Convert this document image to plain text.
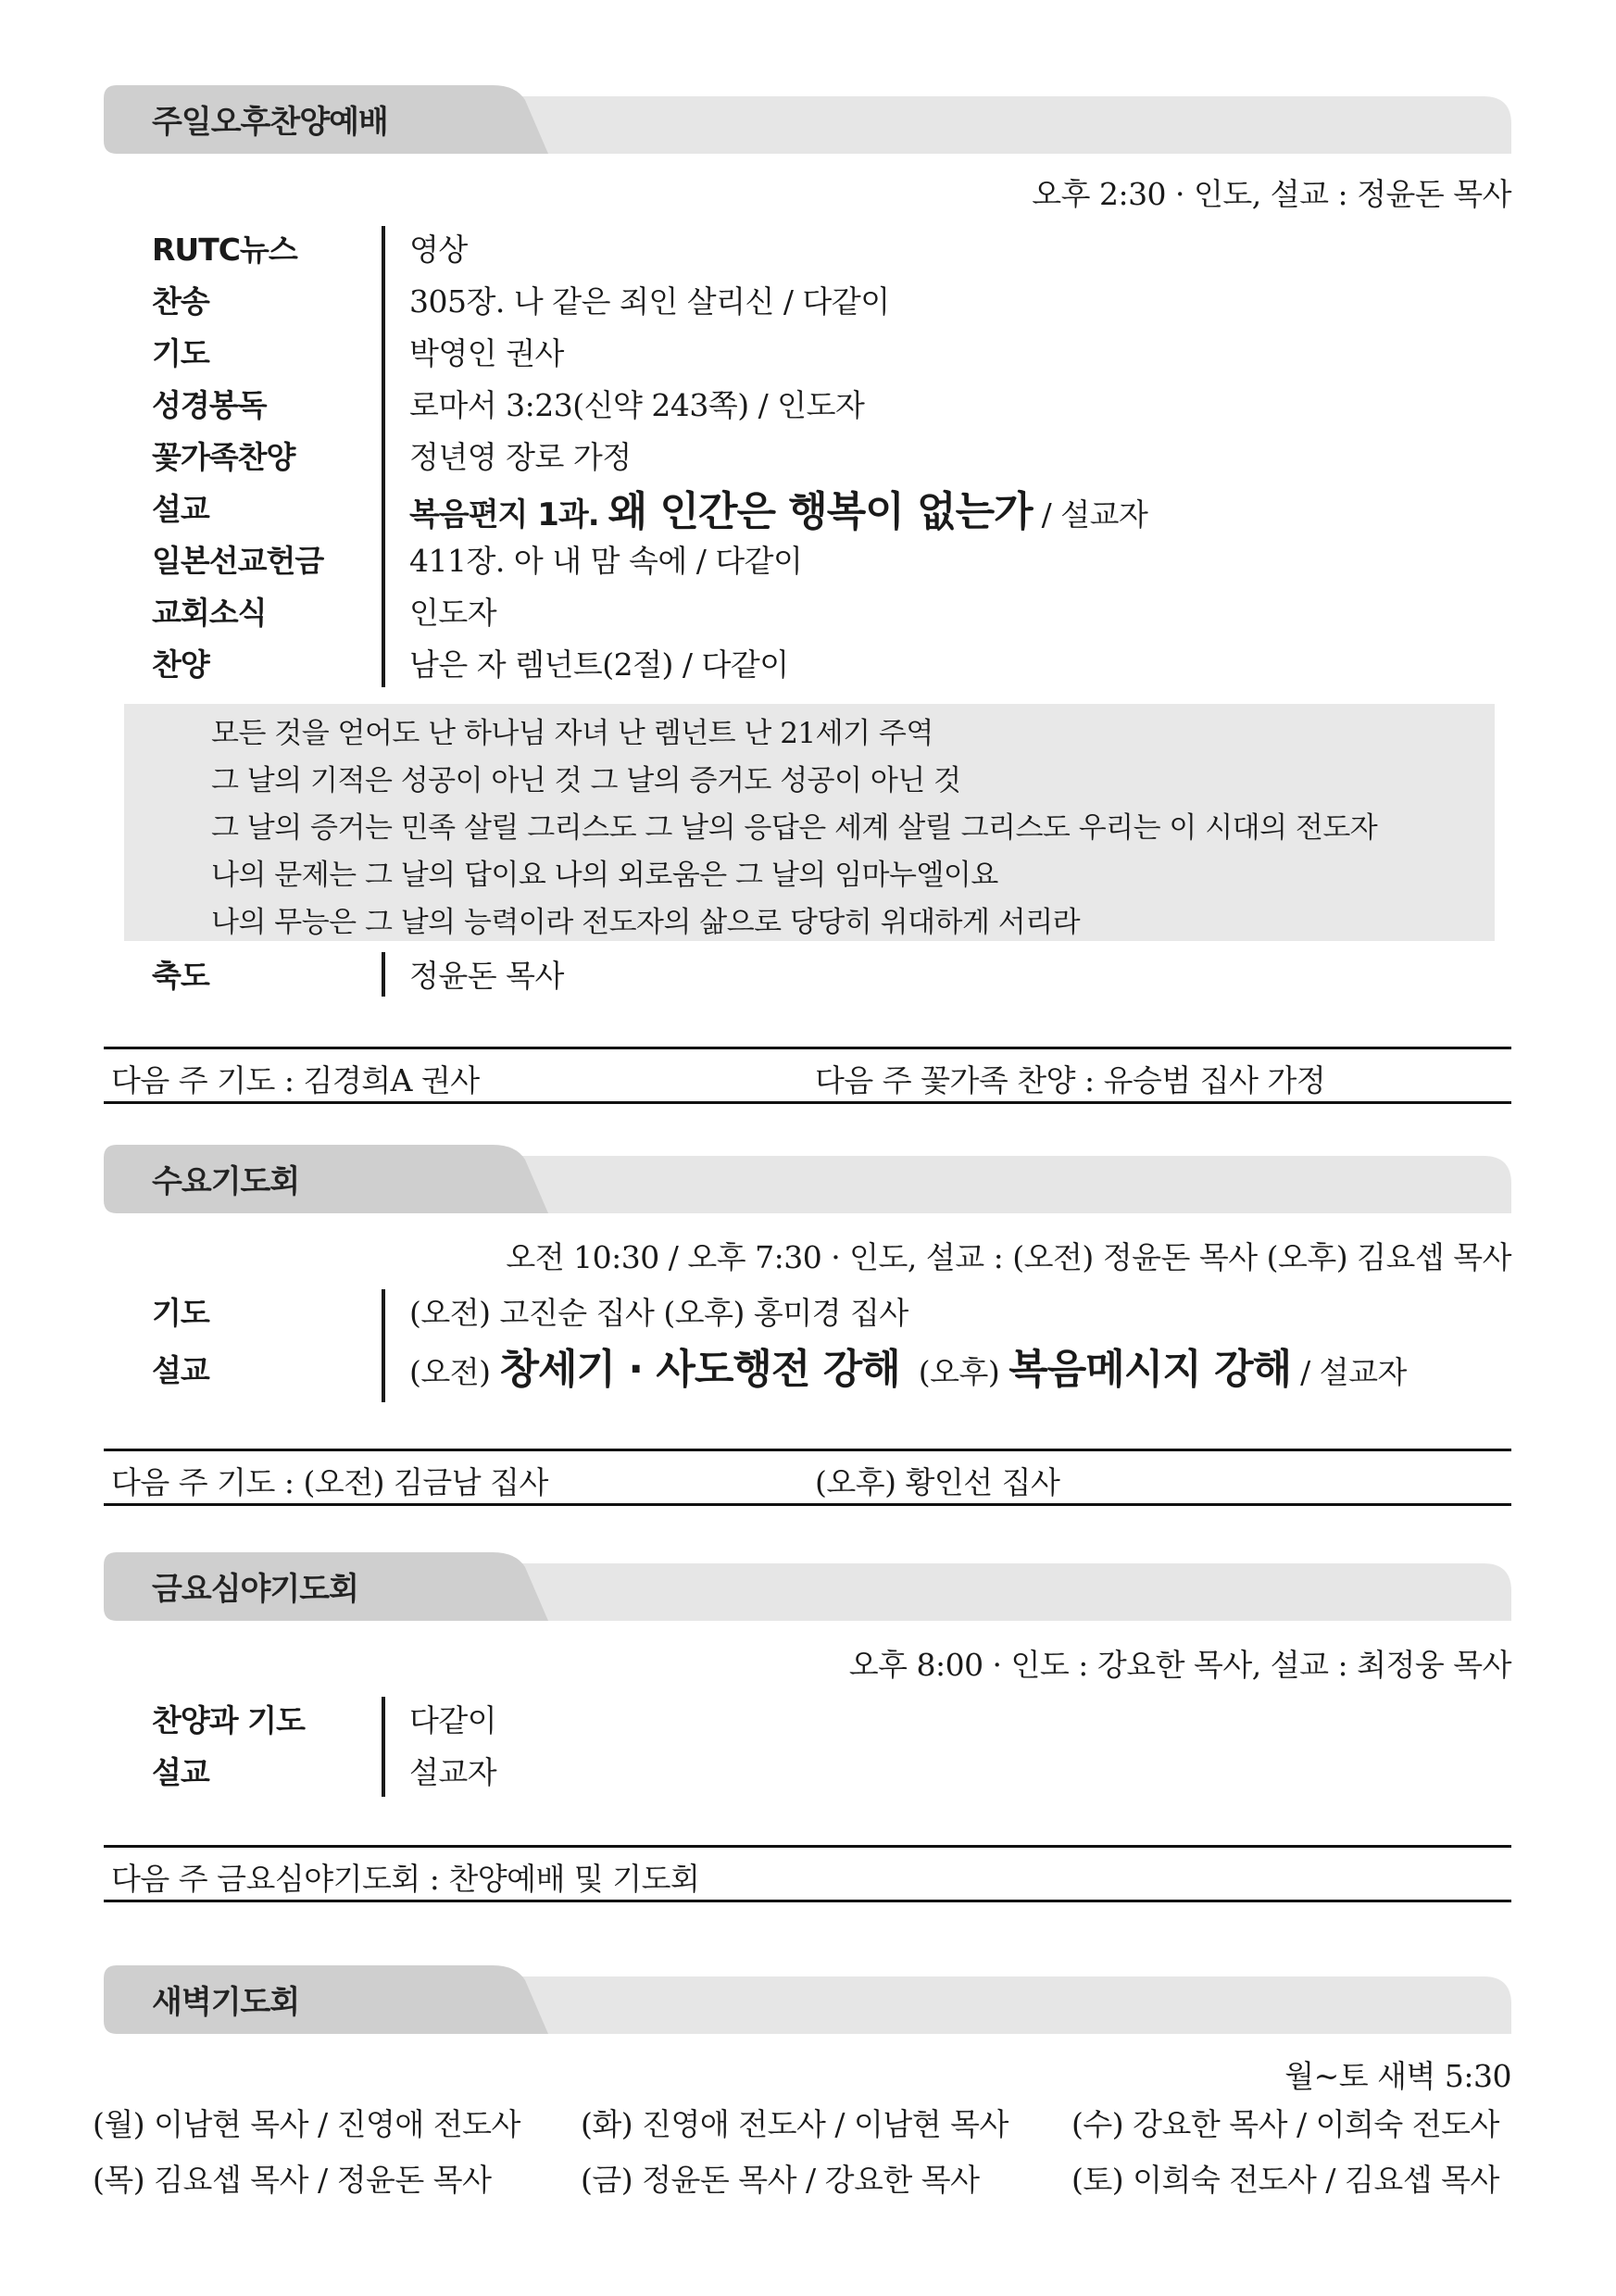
주일오후찬양예배
오후 2:30 · 인도, 설교 : 정윤돈 목사
RUTC뉴스	영상
찬송	305장. 나 같은 죄인 살리신 / 다같이
기도	박영인 권사
성경봉독	로마서 3:23(신약 243쪽) / 인도자
꽃가족찬양	정년영 장로 가정
설교	복음편지 1과. 왜 인간은 행복이 없는가 / 설교자
일본선교헌금	411장. 아 내 맘 속에 / 다같이
교회소식	인도자
찬양	남은 자 렘넌트(2절) / 다같이
모든 것을 얻어도 난 하나님 자녀 난 렘넌트 난 21세기 주역
그 날의 기적은 성공이 아닌 것 그 날의 증거도 성공이 아닌 것
그 날의 증거는 민족 살릴 그리스도 그 날의 응답은 세계 살릴 그리스도 우리는 이 시대의 전도자
나의 문제는 그 날의 답이요 나의 외로움은 그 날의 임마누엘이요
나의 무능은 그 날의 능력이라 전도자의 삶으로 당당히 위대하게 서리라
축도	정윤돈 목사
다음 주 기도 : 김경희A 권사	다음 주 꽃가족 찬양 : 유승범 집사 가정
수요기도회
오전 10:30 / 오후 7:30 · 인도, 설교 : (오전) 정윤돈 목사 (오후) 김요셉 목사
기도	(오전) 고진순 집사 (오후) 홍미경 집사
설교	(오전) 창세기 · 사도행전 강해 (오후) 복음메시지 강해 / 설교자
다음 주 기도 : (오전) 김금남 집사	(오후) 황인선 집사
금요심야기도회
오후 8:00 · 인도 : 강요한 목사, 설교 : 최정웅 목사
찬양과 기도	다같이
설교	설교자
다음 주 금요심야기도회 : 찬양예배 및 기도회
새벽기도회
월~토 새벽 5:30
(월) 이남현 목사 / 진영애 전도사 (화) 진영애 전도사 / 이남현 목사 (수) 강요한 목사 / 이희숙 전도사
(목) 김요셉 목사 / 정윤돈 목사	(금) 정윤돈 목사 / 강요한 목사	(토) 이희숙 전도사 / 김요셉 목사
